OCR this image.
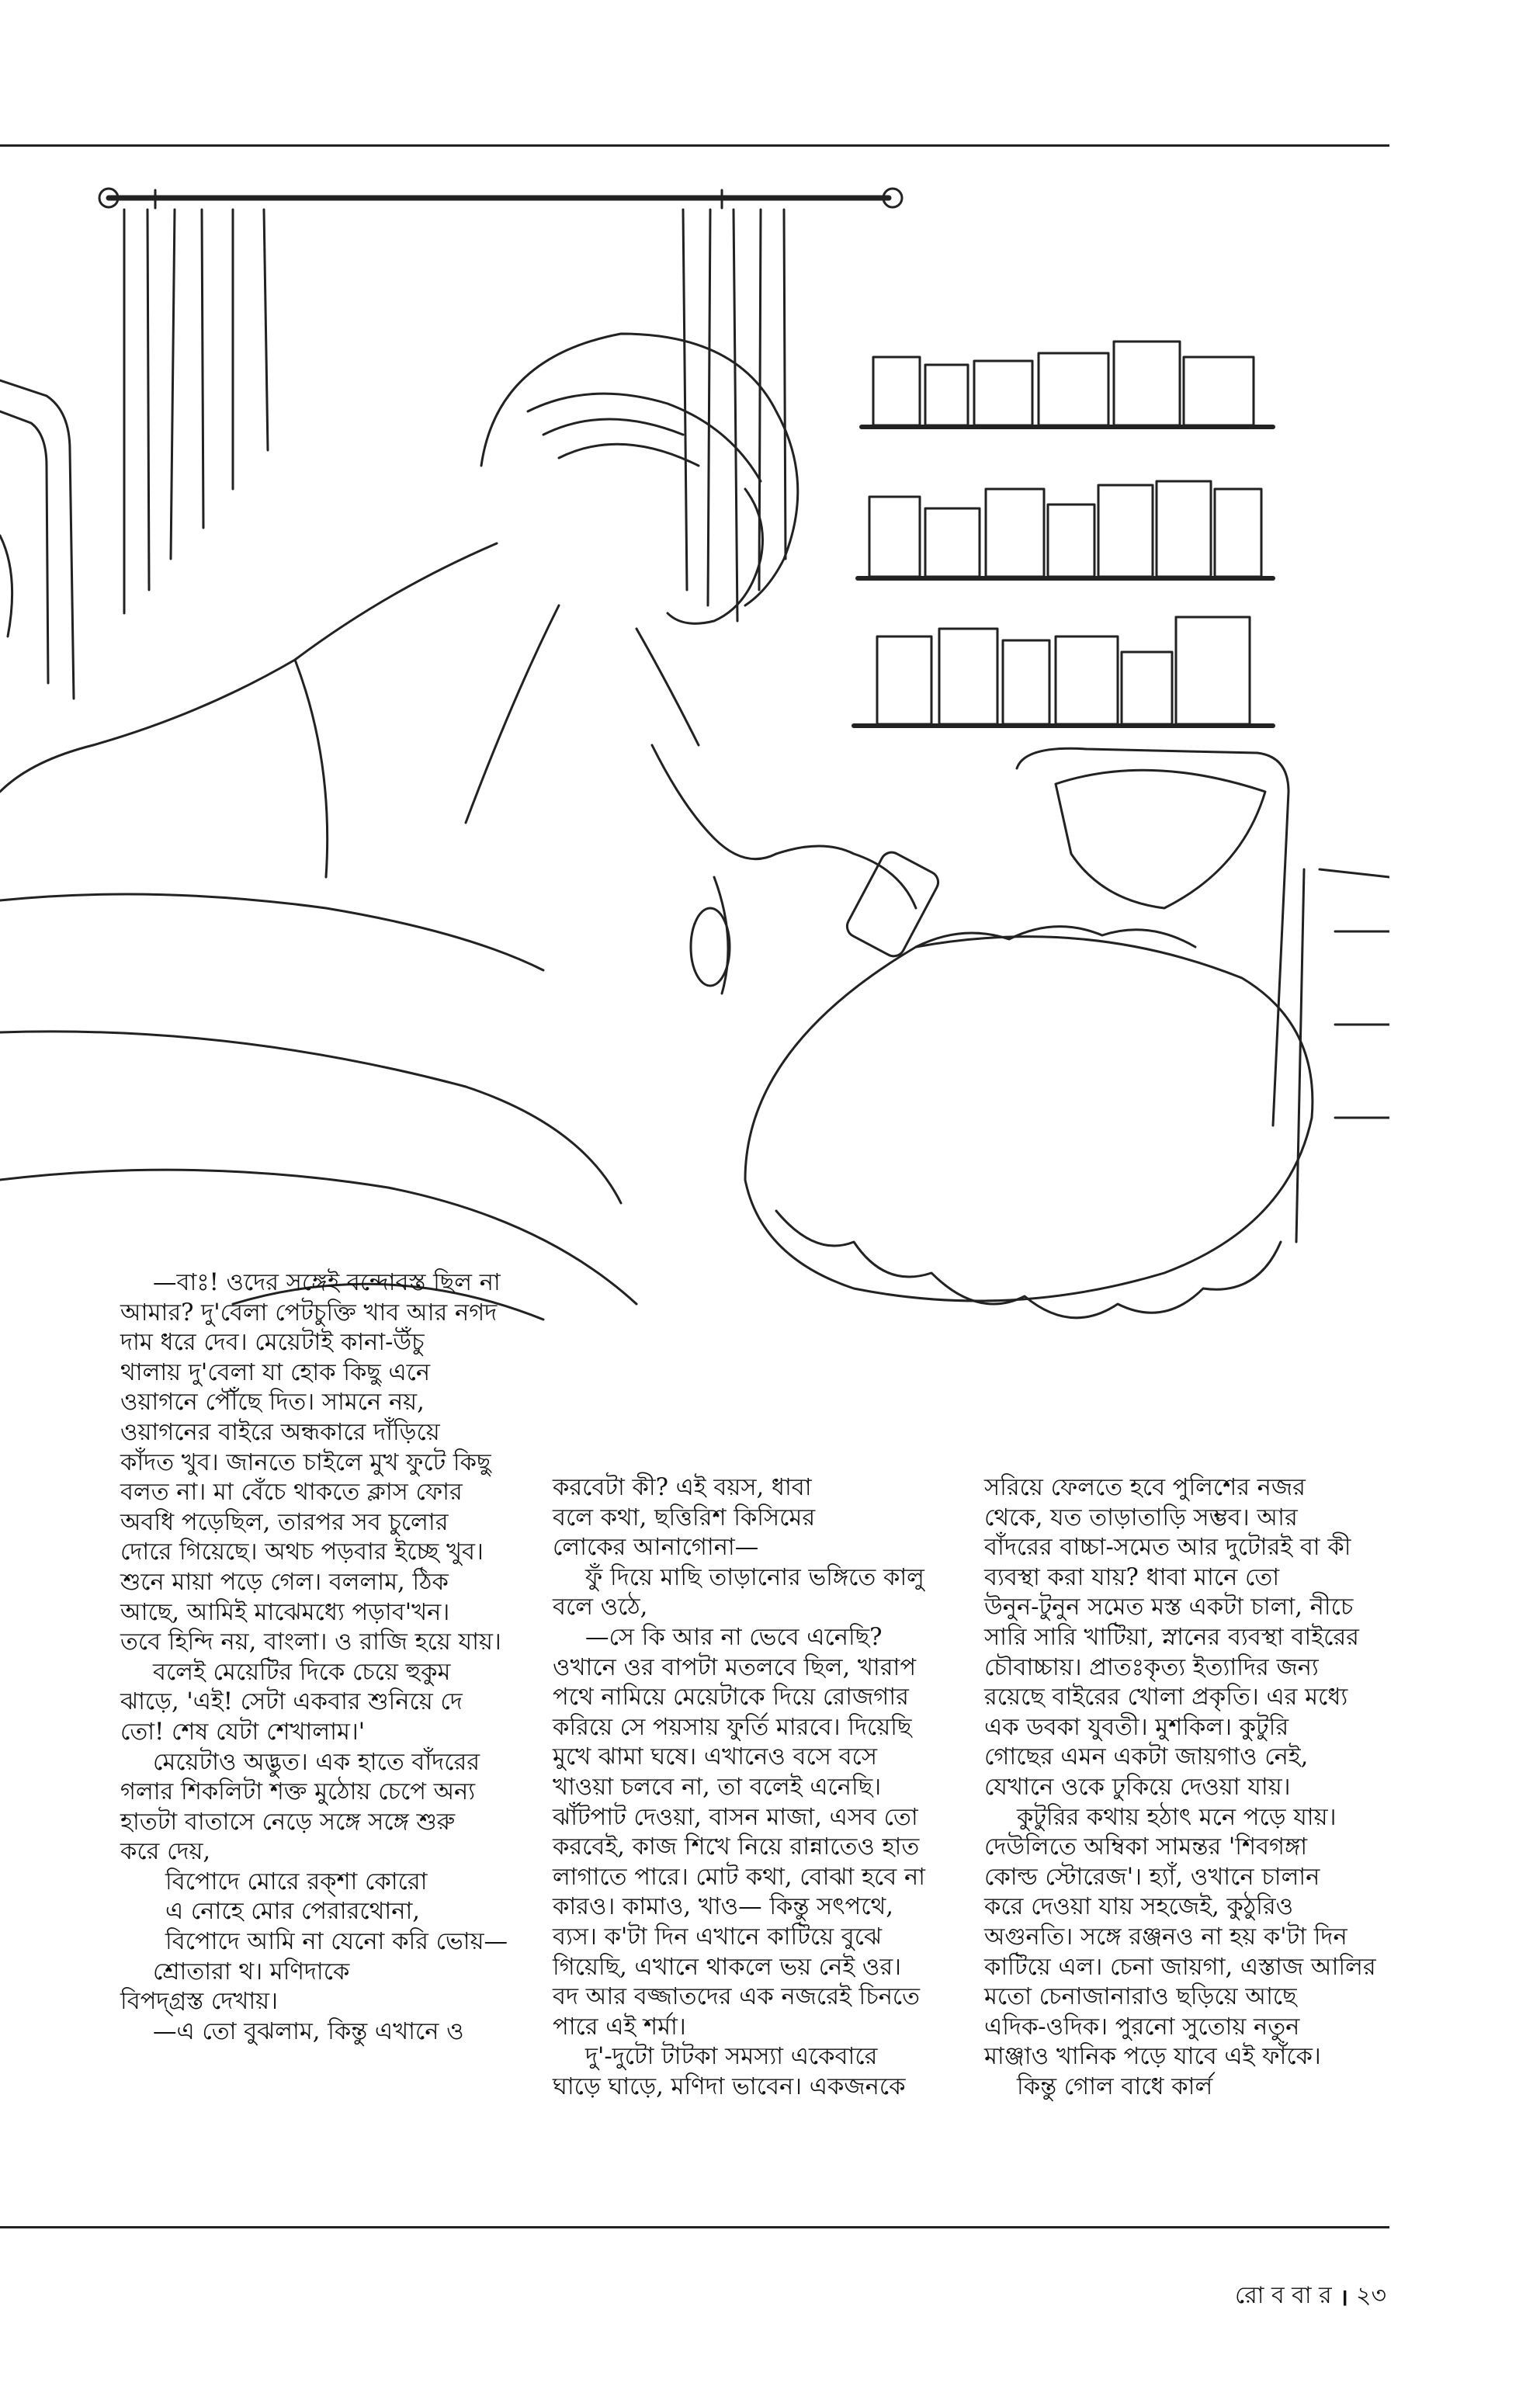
—বাঃ! ওদের সঙ্গেই বন্দোবস্ত ছিল না

আমার? দু'বেলা পেটচুক্তি খাব আর নগদ

দাম ধরে দেব। মেয়েটাই কানা-উঁচু

থালায় দু'বেলা যা হোক কিছু এনে

ওয়াগনে পৌঁছে দিত। সামনে নয়,

ওয়াগনের বাইরে অন্ধকারে দাঁড়িয়ে

কাঁদত খুব। জানতে চাইলে মুখ ফুটে কিছু

বলত না। মা বেঁচে থাকতে ক্লাস ফোর

অবধি পড়েছিল, তারপর সব চুলোর

দোরে গিয়েছে। অথচ পড়বার ইচ্ছে খুব।

শুনে মায়া পড়ে গেল। বললাম, ঠিক

আছে, আমিই মাঝেমধ্যে পড়াব'খন।

তবে হিন্দি নয়, বাংলা। ও রাজি হয়ে যায়।

বলেই মেয়েটির দিকে চেয়ে হুকুম

ঝাড়ে, 'এই! সেটা একবার শুনিয়ে দে

তো! শেষ যেটা শেখালাম।'

মেয়েটাও অদ্ভুত। এক হাতে বাঁদরের

গলার শিকলিটা শক্ত মুঠোয় চেপে অন্য

হাতটা বাতাসে নেড়ে সঙ্গে সঙ্গে শুরু

করে দেয়,

বিপোদে মোরে রক্শা কোরো

এ নোহে মোর পেরারথোনা,

বিপোদে আমি না যেনো করি ভোয়—

শ্রোতারা থ। মণিদাকে

বিপদ্গ্রস্ত দেখায়।

—এ তো বুঝলাম, কিন্তু এখানে ও

করবেটা কী? এই বয়স, ধাবা

বলে কথা, ছত্তিরিশ কিসিমের

লোকের আনাগোনা—

ফুঁ দিয়ে মাছি তাড়ানোর ভঙ্গিতে কালু

বলে ওঠে,

—সে কি আর না ভেবে এনেছি?

ওখানে ওর বাপটা মতলবে ছিল, খারাপ

পথে নামিয়ে মেয়েটাকে দিয়ে রোজগার

করিয়ে সে পয়সায় ফুর্তি মারবে। দিয়েছি

মুখে ঝামা ঘষে। এখানেও বসে বসে

খাওয়া চলবে না, তা বলেই এনেছি।

ঝাঁটপাট দেওয়া, বাসন মাজা, এসব তো

করবেই, কাজ শিখে নিয়ে রান্নাতেও হাত

লাগাতে পারে। মোট কথা, বোঝা হবে না

কারও। কামাও, খাও— কিন্তু সৎপথে,

ব্যস। ক'টা দিন এখানে কাটিয়ে বুঝে

গিয়েছি, এখানে থাকলে ভয় নেই ওর।

বদ আর বজ্জাতদের এক নজরেই চিনতে

পারে এই শর্মা।

দু'-দুটো টাটকা সমস্যা একেবারে

ঘাড়ে ঘাড়ে, মণিদা ভাবেন। একজনকে

সরিয়ে ফেলতে হবে পুলিশের নজর

থেকে, যত তাড়াতাড়ি সম্ভব। আর

বাঁদরের বাচ্চা-সমেত আর দুটোরই বা কী

ব্যবস্থা করা যায়? ধাবা মানে তো

উনুন-টুনুন সমেত মস্ত একটা চালা, নীচে

সারি সারি খাটিয়া, স্নানের ব্যবস্থা বাইরের

চৌবাচ্চায়। প্রাতঃকৃত্য ইত্যাদির জন্য

রয়েছে বাইরের খোলা প্রকৃতি। এর মধ্যে

এক ডবকা যুবতী। মুশকিল। কুটুরি

গোছের এমন একটা জায়গাও নেই,

যেখানে ওকে ঢুকিয়ে দেওয়া যায়।

কুটুরির কথায় হঠাৎ মনে পড়ে যায়।

দেউলিতে অম্বিকা সামন্তর 'শিবগঙ্গা

কোল্ড স্টোরেজ'। হ্যাঁ, ওখানে চালান

করে দেওয়া যায় সহজেই, কুঠুরিও

অগুনতি। সঙ্গে রঞ্জনও না হয় ক'টা দিন

কাটিয়ে এল। চেনা জায়গা, এস্তাজ আলির

মতো চেনাজানারাও ছড়িয়ে আছে

এদিক-ওদিক। পুরনো সুতোয় নতুন

মাঞ্জাও খানিক পড়ে যাবে এই ফাঁকে।

কিন্তু গোল বাধে কার্ল

রো ব বা র । ২৩
